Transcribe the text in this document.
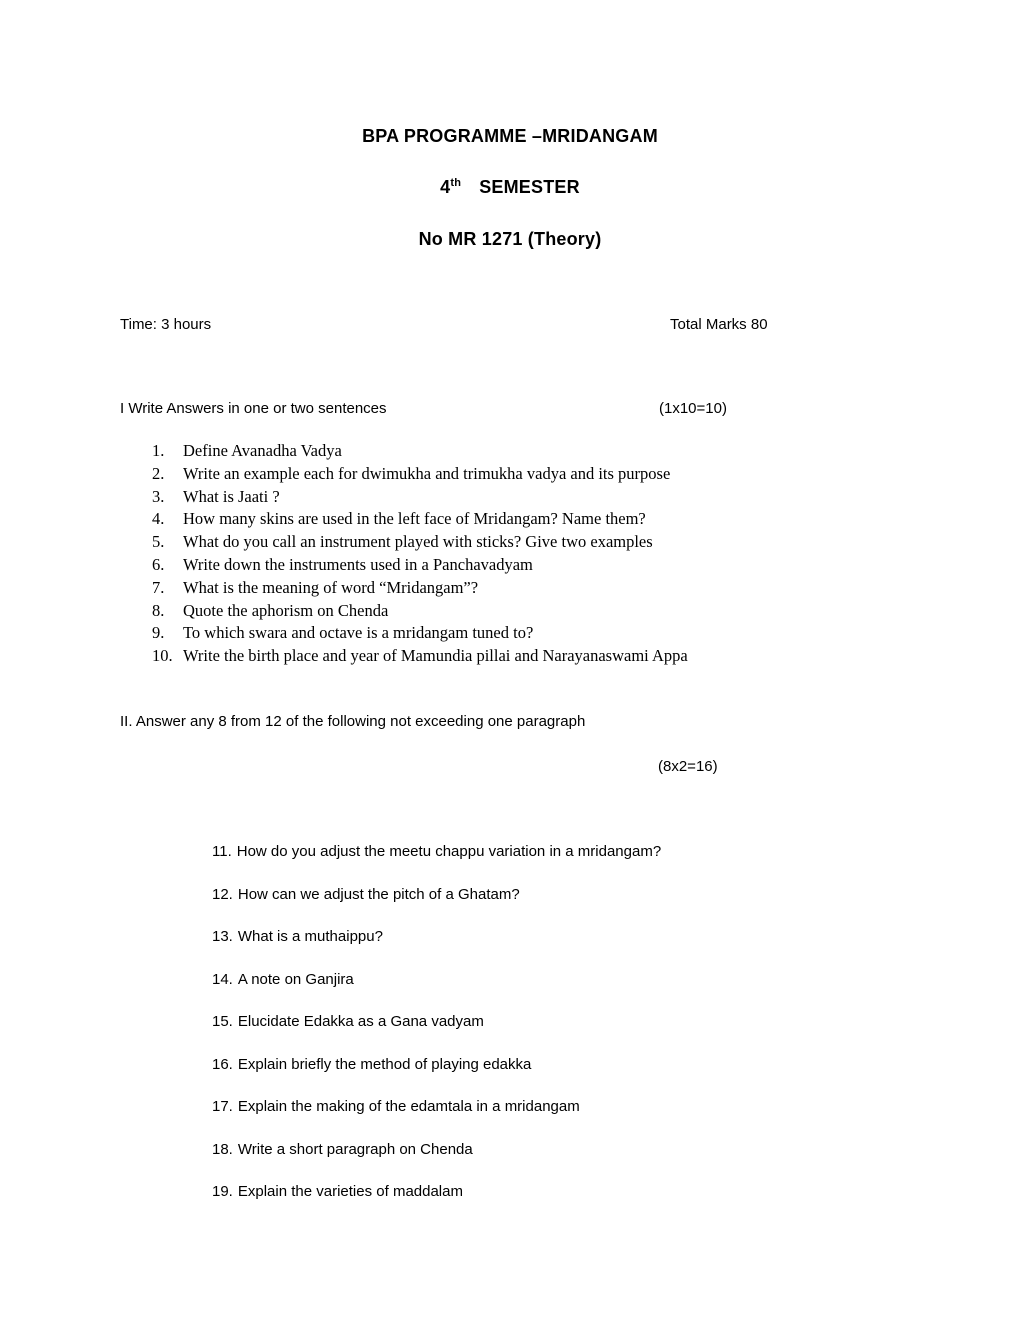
BPA PROGRAMME –MRIDANGAM
4th SEMESTER
No MR 1271 (Theory)
Time: 3 hours	Total Marks 80
I Write Answers in one or two sentences	(1x10=10)
1.	Define Avanadha Vadya
2.	Write an example each for dwimukha and trimukha vadya and its purpose
3.	What is Jaati ?
4.	How many skins are used in the left face of Mridangam? Name them?
5.	What do you call an instrument played with sticks? Give two examples
6.	Write down the instruments used in a Panchavadyam
7.	What is the meaning of word “Mridangam”?
8.	Quote the aphorism on Chenda
9.	To which swara and octave is a mridangam tuned to?
10. Write the birth place and year of Mamundia pillai and Narayanaswami Appa
II. Answer any 8 from 12 of the following not exceeding one paragraph
(8x2=16)
11. How do you adjust the meetu chappu variation in a mridangam?
12. How can we adjust the pitch of a Ghatam?
13. What is a muthaippu?
14. A note on Ganjira
15. Elucidate Edakka as a Gana vadyam
16. Explain briefly the method of playing edakka
17. Explain the making of the edamtala in a mridangam
18. Write a short paragraph on Chenda
19. Explain the varieties of maddalam
